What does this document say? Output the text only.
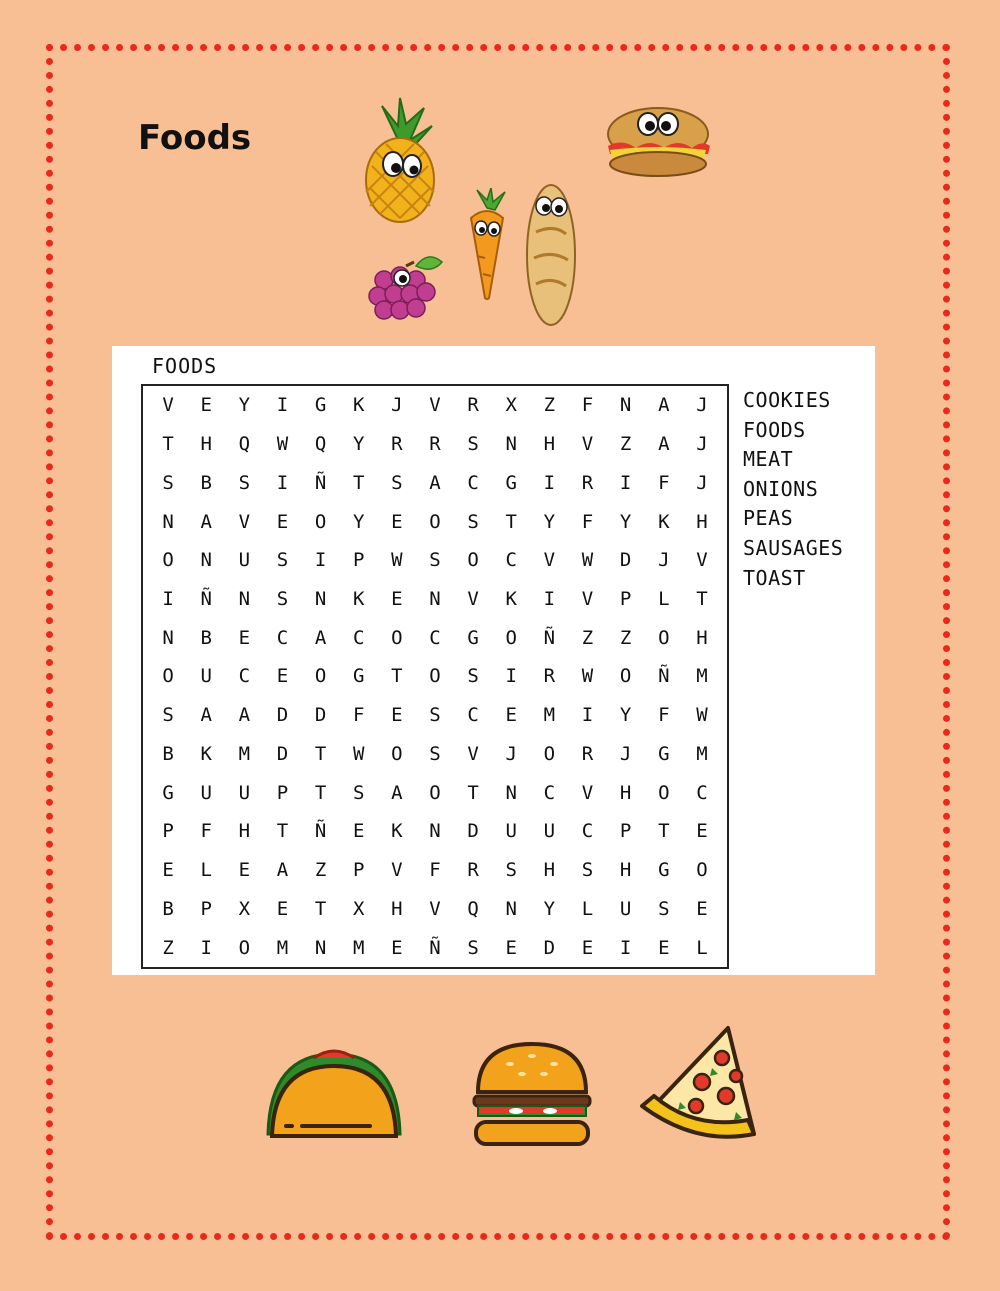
Foods
FOODS
V	E	Y	I	G	K	J	V	R	X	Z	F	N	A	J
T	H	Q	W	Q	Y	R	R	S	N	H	V	Z	A	J
S	B	S	I	Ñ	T	S	A	C	G	I	R	I	F	J
N	A	V	E	O	Y	E	O	S	T	Y	F	Y	K	H
O	N	U	S	I	P	W	S	O	C	V	W	D	J	V
I	Ñ	N	S	N	K	E	N	V	K	I	V	P	L	T
N	B	E	C	A	C	O	C	G	O	Ñ	Z	Z	O	H
O	U	C	E	O	G	T	O	S	I	R	W	O	Ñ	M
S	A	A	D	D	F	E	S	C	E	M	I	Y	F	W
B	K	M	D	T	W	O	S	V	J	O	R	J	G	M
G	U	U	P	T	S	A	O	T	N	C	V	H	O	C
P	F	H	T	Ñ	E	K	N	D	U	U	C	P	T	E
E	L	E	A	Z	P	V	F	R	S	H	S	H	G	O
B	P	X	E	T	X	H	V	Q	N	Y	L	U	S	E
Z	I	O	M	N	M	E	Ñ	S	E	D	E	I	E	L
COOKIES
FOODS
MEAT
ONIONS
PEAS
SAUSAGES
TOAST
